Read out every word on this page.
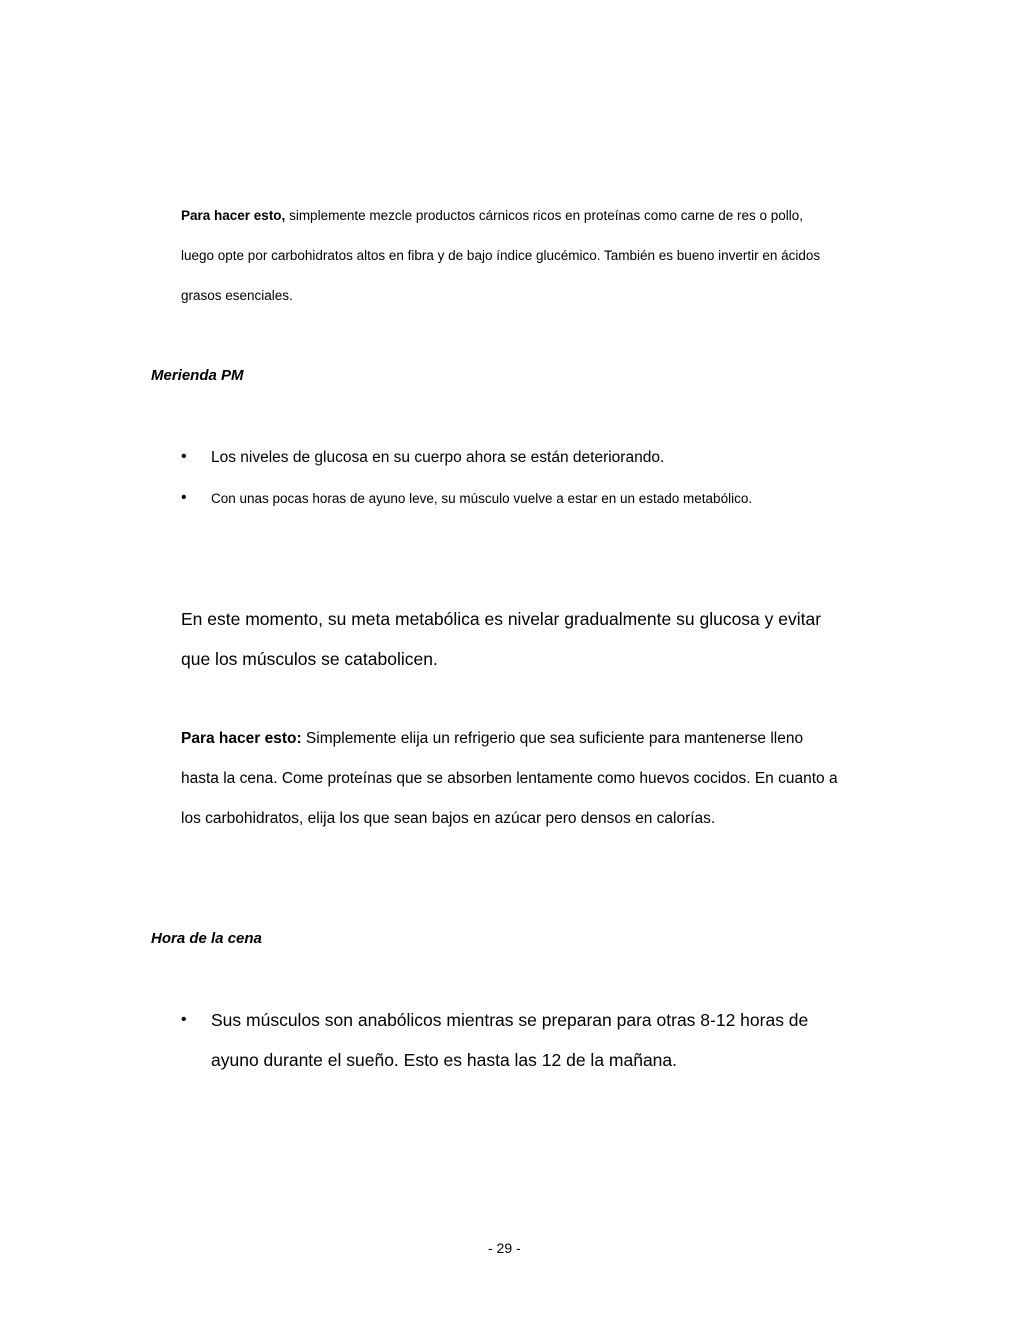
Para hacer esto, simplemente mezcle productos cárnicos ricos en proteínas como carne de res o pollo,
luego opte por carbohidratos altos en fibra y de bajo índice glucémico. También es bueno invertir en ácidos
grasos esenciales.
Merienda PM
• Los niveles de glucosa en su cuerpo ahora se están deteriorando.
• Con unas pocas horas de ayuno leve, su músculo vuelve a estar en un estado metabólico.
En este momento, su meta metabólica es nivelar gradualmente su glucosa y evitar
que los músculos se catabolicen.
Para hacer esto: Simplemente elija un refrigerio que sea suficiente para mantenerse lleno
hasta la cena. Come proteínas que se absorben lentamente como huevos cocidos. En cuanto a
los carbohidratos, elija los que sean bajos en azúcar pero densos en calorías.
Hora de la cena
• Sus músculos son anabólicos mientras se preparan para otras 8-12 horas de
ayuno durante el sueño. Esto es hasta las 12 de la mañana.
- 29 -
